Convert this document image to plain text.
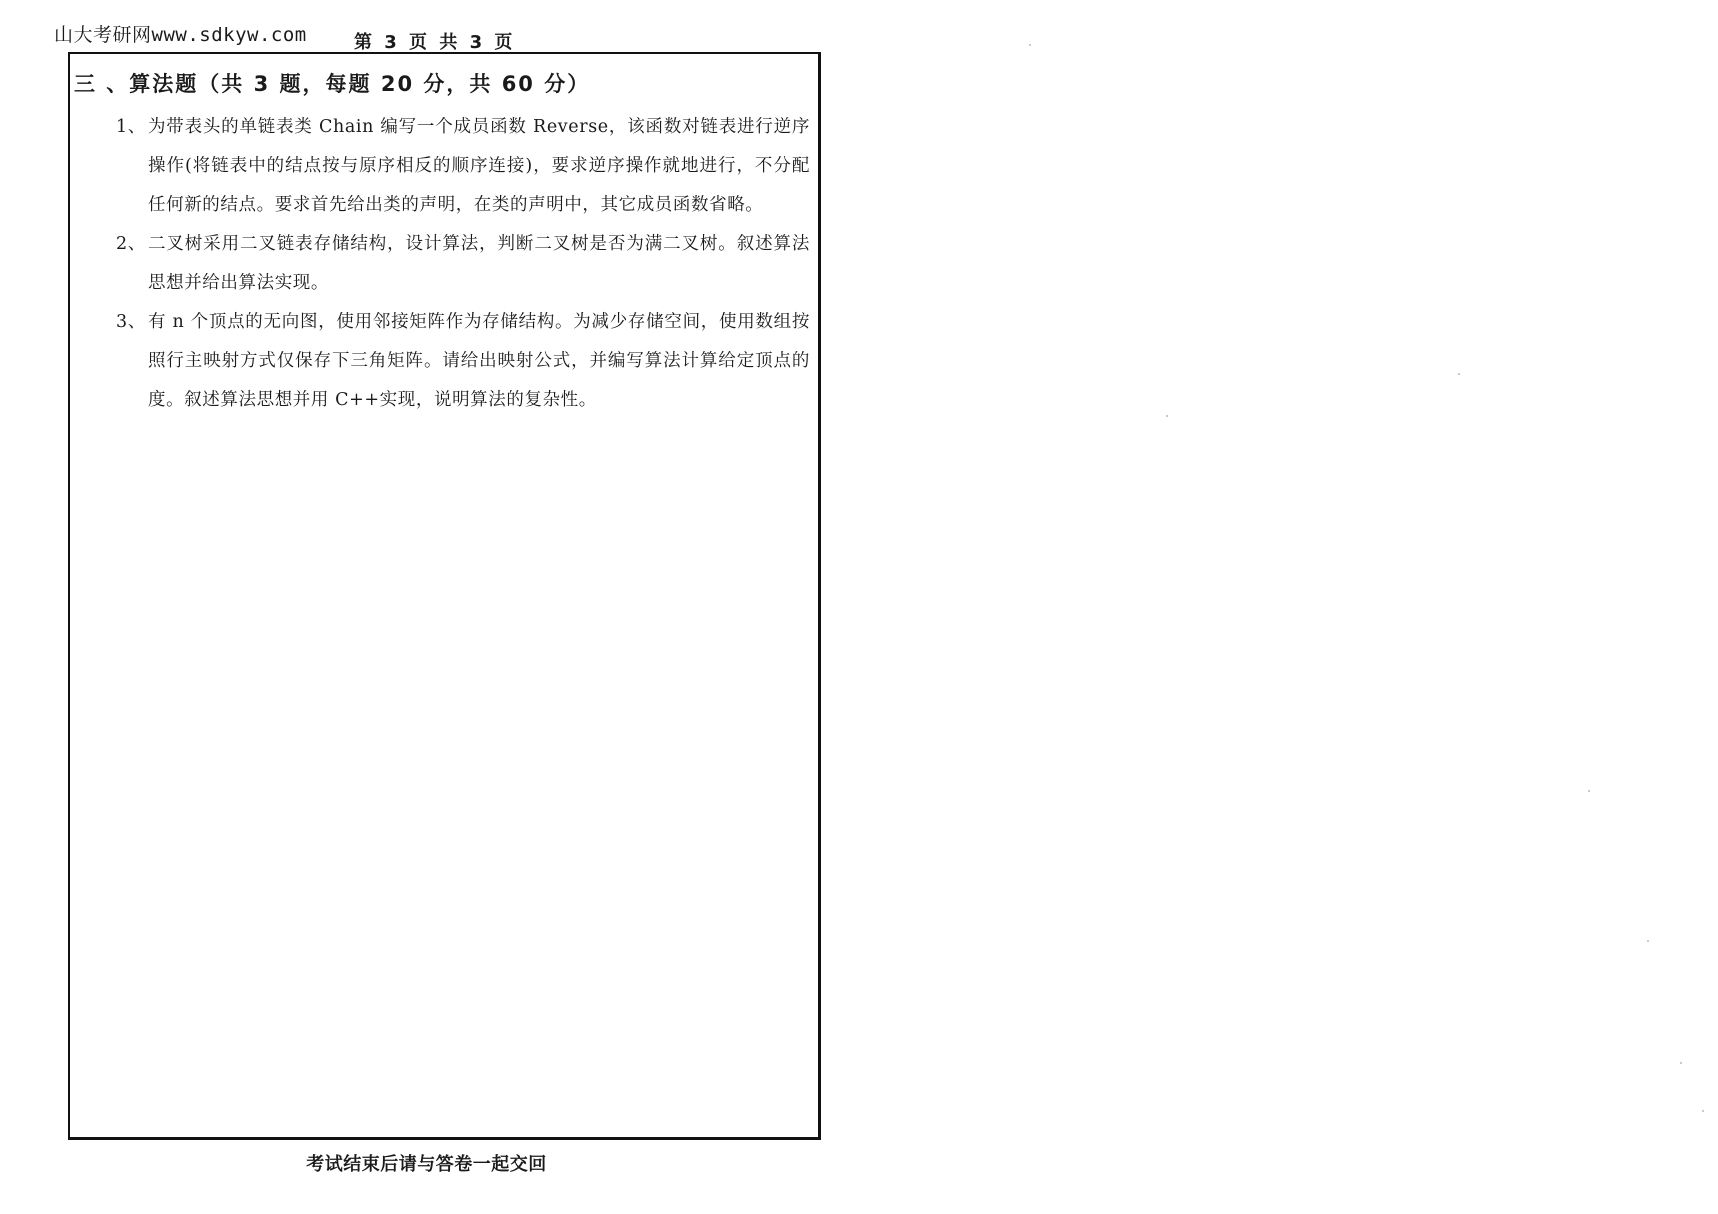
山大考研网www.sdkyw.com	第 3 页 共 3 页
三 、算法题（共 3 题，每题 20 分，共 60 分）
1、 为带表头的单链表类 Chain 编写一个成员函数 Reverse，该函数对链表进行逆序操作(将链表中的结点按与原序相反的顺序连接)，要求逆序操作就地进行，不分配任何新的结点。要求首先给出类的声明，在类的声明中，其它成员函数省略。
2、 二叉树采用二叉链表存储结构，设计算法，判断二叉树是否为满二叉树。叙述算法思想并给出算法实现。
3、 有 n 个顶点的无向图，使用邻接矩阵作为存储结构。为减少存储空间，使用数组按照行主映射方式仅保存下三角矩阵。请给出映射公式，并编写算法计算给定顶点的度。叙述算法思想并用 C++实现，说明算法的复杂性。
考试结束后请与答卷一起交回
